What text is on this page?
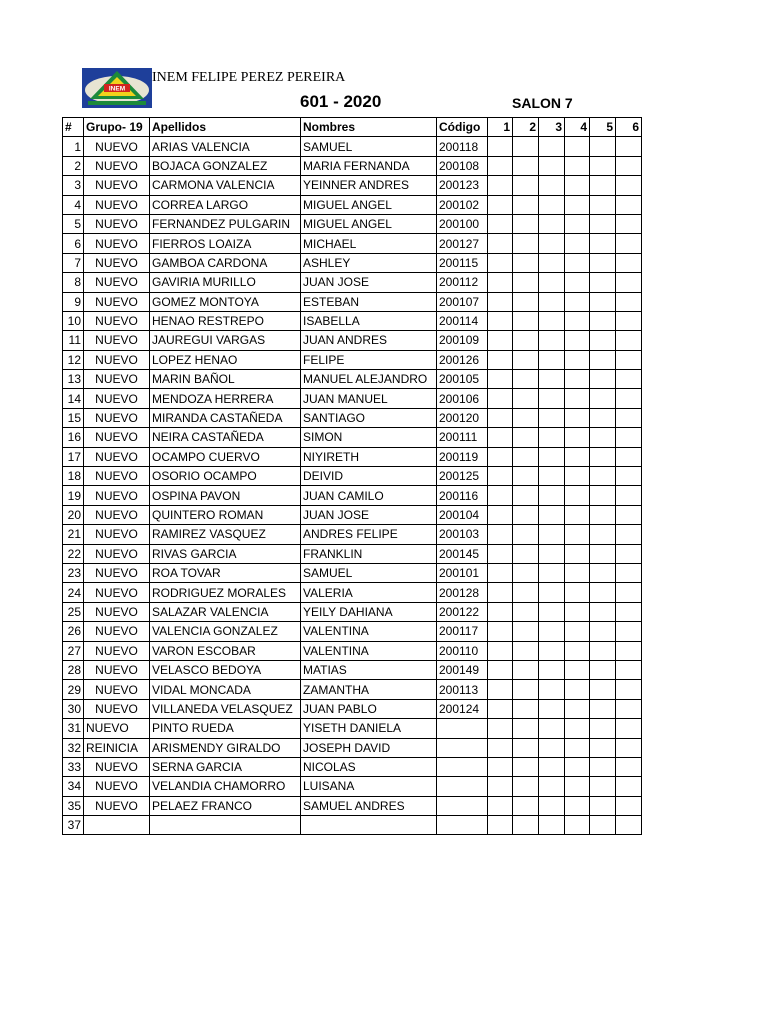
INEM
INEM FELIPE PEREZ PEREIRA
601 - 2020	SALON 7
#	Grupo- 19	Apellidos	Nombres	Código	1	2	3	4	5	6
1	NUEVO	ARIAS VALENCIA	SAMUEL	200118						
2	NUEVO	BOJACA GONZALEZ	MARIA FERNANDA	200108						
3	NUEVO	CARMONA VALENCIA	YEINNER ANDRES	200123						
4	NUEVO	CORREA LARGO	MIGUEL ANGEL	200102						
5	NUEVO	FERNANDEZ PULGARIN	MIGUEL ANGEL	200100						
6	NUEVO	FIERROS LOAIZA	MICHAEL	200127						
7	NUEVO	GAMBOA CARDONA	ASHLEY	200115						
8	NUEVO	GAVIRIA MURILLO	JUAN JOSE	200112						
9	NUEVO	GOMEZ MONTOYA	ESTEBAN	200107						
10	NUEVO	HENAO RESTREPO	ISABELLA	200114						
11	NUEVO	JAUREGUI VARGAS	JUAN ANDRES	200109						
12	NUEVO	LOPEZ HENAO	FELIPE	200126						
13	NUEVO	MARIN BAÑOL	MANUEL ALEJANDRO	200105						
14	NUEVO	MENDOZA HERRERA	JUAN MANUEL	200106						
15	NUEVO	MIRANDA CASTAÑEDA	SANTIAGO	200120						
16	NUEVO	NEIRA CASTAÑEDA	SIMON	200111						
17	NUEVO	OCAMPO CUERVO	NIYIRETH	200119						
18	NUEVO	OSORIO OCAMPO	DEIVID	200125						
19	NUEVO	OSPINA PAVON	JUAN CAMILO	200116						
20	NUEVO	QUINTERO ROMAN	JUAN JOSE	200104						
21	NUEVO	RAMIREZ VASQUEZ	ANDRES FELIPE	200103						
22	NUEVO	RIVAS GARCIA	FRANKLIN	200145						
23	NUEVO	ROA TOVAR	SAMUEL	200101						
24	NUEVO	RODRIGUEZ MORALES	VALERIA	200128						
25	NUEVO	SALAZAR VALENCIA	YEILY DAHIANA	200122						
26	NUEVO	VALENCIA GONZALEZ	VALENTINA	200117						
27	NUEVO	VARON ESCOBAR	VALENTINA	200110						
28	NUEVO	VELASCO BEDOYA	MATIAS	200149						
29	NUEVO	VIDAL MONCADA	ZAMANTHA	200113						
30	NUEVO	VILLANEDA VELASQUEZ	JUAN PABLO	200124						
31	NUEVO	PINTO RUEDA	YISETH DANIELA							
32	REINICIA	ARISMENDY GIRALDO	JOSEPH DAVID							
33	NUEVO	SERNA GARCIA	NICOLAS							
34	NUEVO	VELANDIA CHAMORRO	LUISANA							
35	NUEVO	PELAEZ FRANCO	SAMUEL ANDRES							
37										
